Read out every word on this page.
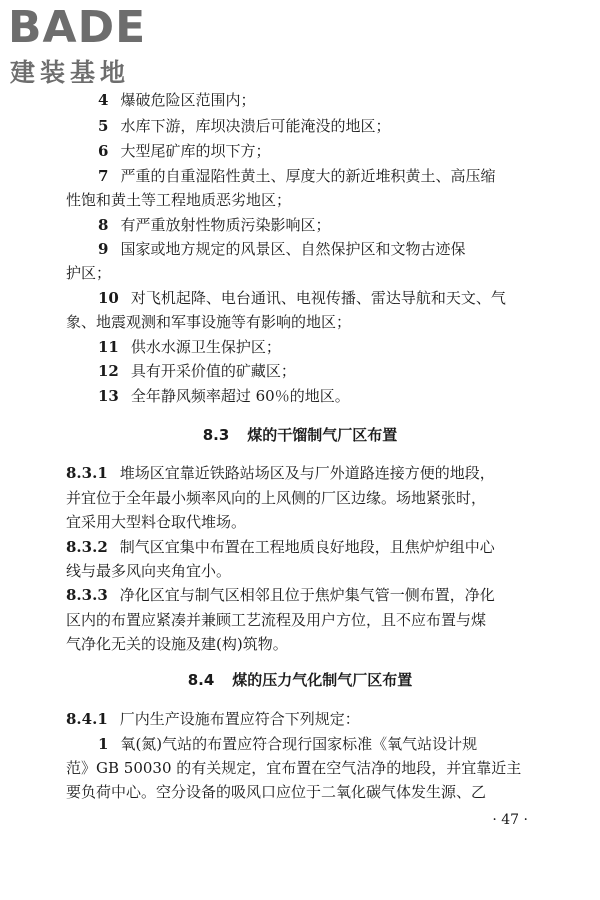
BADE
建装基地
4 爆破危险区范围内；
5 水库下游，库坝决溃后可能淹没的地区；
6 大型尾矿库的坝下方；
7 严重的自重湿陷性黄土、厚度大的新近堆积黄土、高压缩
性饱和黄土等工程地质恶劣地区；
8 有严重放射性物质污染影响区；
9 国家或地方规定的风景区、自然保护区和文物古迹保
护区；
10 对飞机起降、电台通讯、电视传播、雷达导航和天文、气
象、地震观测和军事设施等有影响的地区；
11 供水水源卫生保护区；
12 具有开采价值的矿藏区；
13 全年静风频率超过 60％的地区。
8.3 煤的干馏制气厂区布置
8.3.1 堆场区宜靠近铁路站场区及与厂外道路连接方便的地段，
并宜位于全年最小频率风向的上风侧的厂区边缘。场地紧张时，
宜采用大型料仓取代堆场。
8.3.2 制气区宜集中布置在工程地质良好地段，且焦炉炉组中心
线与最多风向夹角宜小。
8.3.3 净化区宜与制气区相邻且位于焦炉集气管一侧布置，净化
区内的布置应紧凑并兼顾工艺流程及用户方位，且不应布置与煤
气净化无关的设施及建(构)筑物。
8.4 煤的压力气化制气厂区布置
8.4.1 厂内生产设施布置应符合下列规定：
1 氧(氮)气站的布置应符合现行国家标准《氧气站设计规
范》GB 50030 的有关规定，宜布置在空气洁净的地段，并宜靠近主
要负荷中心。空分设备的吸风口应位于二氧化碳气体发生源、乙
· 47 ·
